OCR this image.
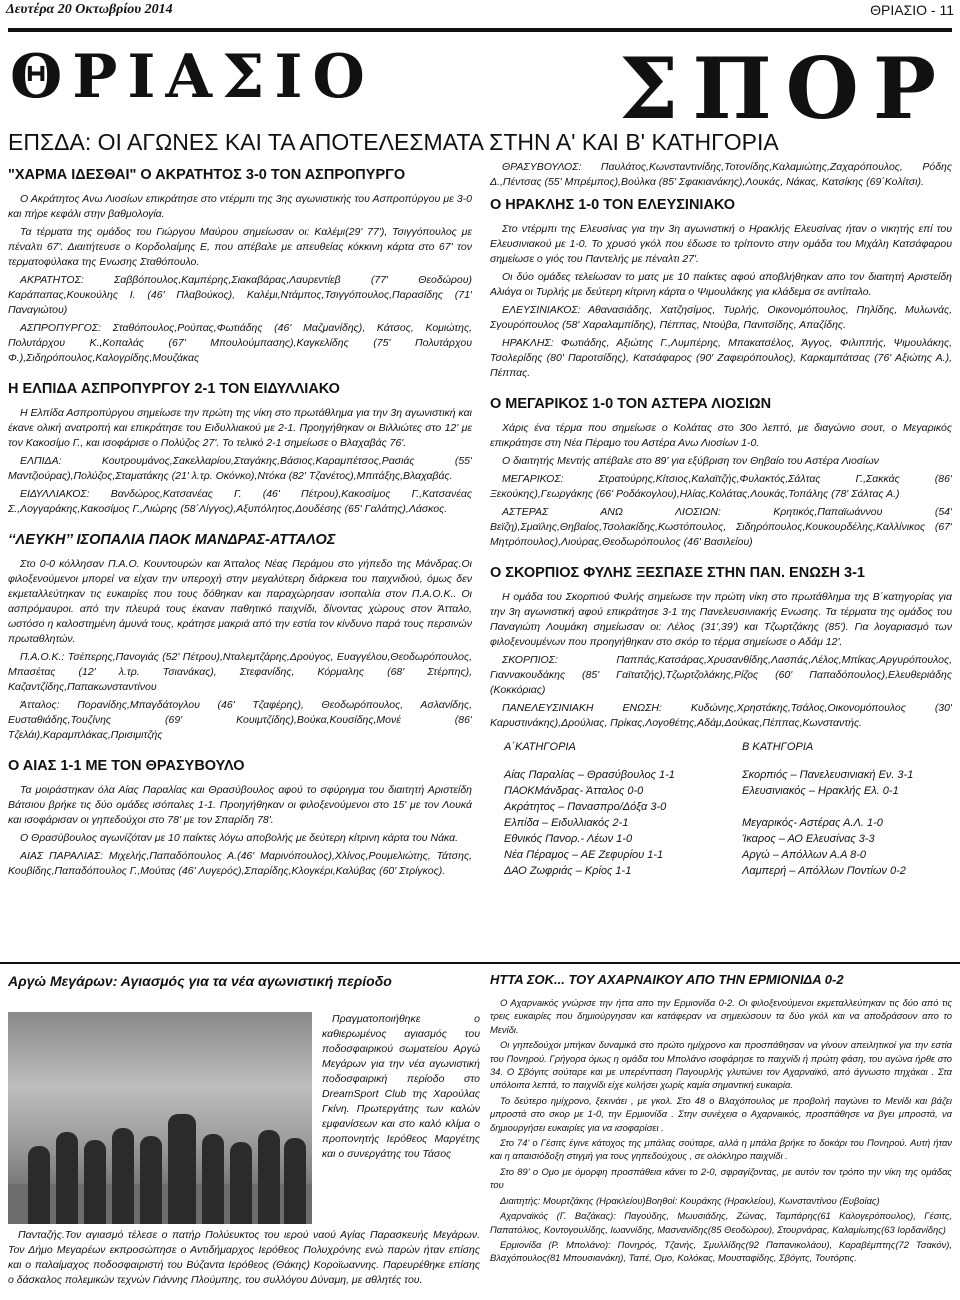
Δευτέρα 20 Οκτωβρίου 2014	ΘΡΙΑΣΙΟ - 11
ΘΡΙΑΣΙΟ	ΣΠΟΡ
ΕΠΣΔΑ: ΟΙ ΑΓΩΝΕΣ ΚΑΙ ΤΑ ΑΠΟΤΕΛΕΣΜΑΤΑ ΣΤΗΝ Α' ΚΑΙ Β' ΚΑΤΗΓΟΡΙΑ
"ΧΑΡΜΑ ΙΔΕΣΘΑΙ" Ο ΑΚΡΑΤΗΤΟΣ 3-0 ΤΟΝ ΑΣΠΡΟΠΥΡΓΟ

Ο Ακράτητος Ανω Λιοσίων επικράτησε στο ντέρμπι της 3ης αγωνιστικής του Ασπροπύργου με 3-0 και πήρε κεφάλι στην βαθμολογία.

Τα τέρματα της ομάδος του Γιώργου Μαύρου σημείωσαν οι: Καλέμι(29' 77'), Τσιγγόπουλος με πέναλτι 67'. Διαιτήτευσε ο Κορδολαίμης Ε, που απέβαλε με απευθείας κόκκινη κάρτα στο 67' τον τερματοφύλακα της Ενωσης Σταθόπουλο.

ΑΚΡΑΤΗΤΟΣ: Σαββόπουλος,Καμπέρης,Σιακαβάρας,Λαυρεντίεβ (77' Θεοδώρου) Καράπαπας,Κουκούλης Ι. (46' Πλαβούκος), Καλέμι,Ντάμπος,Τσιγγόπουλος,Παρασίδης (71' Παναγιώτου)

ΑΣΠΡΟΠΥΡΓΟΣ: Σταθόπουλος,Ρούπας,Φωτιάδης (46' Μαζμανίδης), Κάτσος, Κομιώτης, Πολυτάρχου Κ.,Κοπαλάς (67' Μπουλούμπασης),Καγκελίδης (75' Πολυτάρχου Φ.),Σιδηρόπουλος,Καλογρίδης,Μουζάκας

Η ΕΛΠΙΔΑ ΑΣΠΡΟΠΥΡΓΟΥ 2-1 ΤΟΝ ΕΙΔΥΛΛΙΑΚΟ

Η Ελπίδα Ασπροπύργου σημείωσε την πρώτη της νίκη στο πρωτάθλημα για την 3η αγωνιστική και έκανε ολική ανατροπή και επικράτησε του Ειδυλλιακού με 2-1. Προηγήθηκαν οι Βιλλιώτες στο 12' με τον Κακοσίμο Γ., και ισοφάρισε ο Πολύζος 27'. Το τελικό 2-1 σημείωσε ο Βλαχαβάς 76'.

ΕΛΠΙΔΑ: Κουτρουμάνος,Σακελλαρίου,Σταγάκης,Βάσιος,Καραμπέτσος,Ρασιάς (55' Μαντζιούρας),Πολύζος,Σταματάκης (21' λ.τρ. Οκόνκο),Ντόκα (82' Τζανέτος),Μπιτάξης,Βλαχαβάς.

ΕΙΔΥΛΛΙΑΚΟΣ: Βανδώρος,Κατσανέας Γ. (46' Πέτρου),Κακοσίμος Γ.,Κατσανέας Σ.,Λογγαράκης,Κακοσίμος Γ.,Λιώρης (58΄Λίγγος),Αξυπόλητος,Δουδέσης (65' Γαλάτης),Λάσκος.

‘‘ΛΕΥΚΗ’’ ΙΣΟΠΑΛΙΑ ΠΑΟΚ ΜΑΝΔΡΑΣ-ΑΤΤΑΛΟΣ

Στο 0-0 κόλλησαν Π.Α.Ο. Κουντουρών και Άτταλος Νέας Περάμου στο γήπεδο της Μάνδρας.Οι φιλοξενούμενοι μπορεί να είχαν την υπεροχή στην μεγαλύτερη διάρκεια του παιχνιδιού, όμως δεν εκμεταλλεύτηκαν τις ευκαιρίες που τους δόθηκαν και παραχώρησαν ισοπαλία στον Π.Α.Ο.Κ.. Οι ασπρόμαυροι. από την πλευρά τους έκαναν παθητικό παιχνίδι, δίνοντας χώρους στον Άτταλο, ωστόσο η καλοστημένη άμυνά τους, κράτησε μακριά από την εστία τον κίνδυνο παρά τους περσινών πρωταθλητών.

Π.Α.Ο.Κ.: Τσέπερης,Πανογιάς (52' Πέτρου),Νταλεμτζάρης,Δρούγος, Ευαγγέλου,Θεοδωρόπουλος, Μπασέτας (12' λ.τρ. Τσιανάκας), Στεφανίδης, Κόρμαλης (68' Στέρπης), Καζαντζίδης,Παπακωνσταντίνου

Άτταλος: Πορανίδης,Μπαγδάτογλου (46' Τζαφέρης), Θεοδωρόπουλος, Ασλανίδης, Ευσταθιάδης,Τουζίνης (69' Κουιμτζίδης),Βούκα,Κουσίδης,Μονέ (86' Τζελάι),Καραμπλάκας,Πρισιμιτζής

Ο ΑΙΑΣ 1-1 ΜΕ ΤΟΝ ΘΡΑΣΥΒΟΥΛΟ

Τα μοιράστηκαν όλα Αίας Παραλίας και Θρασύβουλος αφού το σφύριγμα του διαιτητή Αριστείδη Βάτσιου βρήκε τις δύο ομάδες ισόπαλες 1-1. Προηγήθηκαν οι φιλοξενούμενοι στο 15' με τον Λουκά και ισοφάρισαν οι γηπεδούχοι στο 78' με τον Σπαρίδη 78'.

Ο Θρασύβουλος αγωνίζόταν με 10 παίκτες λόγω αποβολής με δεύτερη κίτρινη κάρτα του Νάκα.

ΑΙΑΣ ΠΑΡΑΛΙΑΣ: Μιχελής,Παπαδόπουλος Α.(46' Μαρινόπουλος),Χλίνος,Ρουμελιώτης, Τάτσης, Κουβίδης,Παπαδόπουλος Γ.,Μούτας (46' Λυγερός),Σπαρίδης,Κλογκέρι,Καλύβας (60' Στρίγκος).

ΘΡΑΣΥΒΟΥΛΟΣ: Παυλάτος,Κωνσταντινίδης,Τοτονίδης,Καλαμιώτης,Ζαχαρόπουλος, Ρόδης Δ.,Πέντσας (55' Μπρέμπος),Βούλκα (85' Σφακιανάκης),Λουκάς, Νάκας, Κατσίκης (69΄Κολίτσι).

Ο ΗΡΑΚΛΗΣ 1-0 ΤΟΝ ΕΛΕΥΣΙΝΙΑΚΟ

Στο ντέρμπι της Ελευσίνας για την 3η αγωνιστική ο Ηρακλής Ελευσίνας ήταν ο νικητής επί του Ελευσινιακού με 1-0. Το χρυσό γκόλ που έδωσε το τρίποντο στην ομάδα του Μιχάλη Κατσάφαρου σημείωσε ο γιός του Παντελής με πέναλτι 27'.

Οι δύο ομάδες τελείωσαν το ματς με 10 παίκτες αφού αποβλήθηκαν απο τον διαιτητή Αριστείδη Αλιάγα οι Τυρλής με δεύτερη κίτρινη κάρτα ο Ψιμουλάκης για κλάδεμα σε αντίπαλο.

ΕΛΕΥΣΙΝΙΑΚΟΣ: Αθανασιάδης, Χατζησίμος, Τυρλής, Οικονομόπουλος, Πηλίδης, Μυλωνάς, Σγουρόπουλος (58' Χαραλαμπίδης), Πέππας, Ντούβα, Πανιτσίδης, Απαζίδης.

ΗΡΑΚΛΗΣ: Φωτιάδης, Αξιώτης Γ.,Λυμπέρης, Μπακατσέλος, Άγγος, Φιλιππής, Ψιμουλάκης, Τσολερίδης (80' Παροτσίδης), Κατσάφαρος (90' Ζαφειρόπουλος), Καρκαμπάτσας (76' Αξιώτης Α.), Πέππας.

Ο ΜΕΓΑΡΙΚΟΣ 1-0 ΤΟΝ ΑΣΤΕΡΑ ΛΙΟΣΙΩΝ

Χάρις ένα τέρμα που σημείωσε ο Κολάτας στο 30ο λεπτό, με διαγώνιο σουτ, ο Μεγαρικός επικράτησε στη Νέα Πέραμο του Αστέρα Ανω Λιοσίων 1-0.

Ο διαιτητής Μεντής απέβαλε στο 89' για εξύβριση τον Θηβαίο του Αστέρα Λιοσίων

ΜΕΓΑΡΙΚΟΣ: Στρατούρης,Κίτσιος,Καλαϊτζής,Φυλακτός,Σάλτας Γ.,Σακκάς (86' Ξεκούκης),Γεωργάκης (66' Ροδάκογλου),Ηλίας,Κολάτας,Λουκάς,Τοπάλης (78' Σάλτας Α.)

ΑΣΤΕΡΑΣ ΑΝΩ ΛΙΟΣΙΩΝ: Κρητικός,Παπαϊωάννου (54' Βεϊζη),Σμαϊλης,Θηβαίος,Τσολακίδης,Κωστόπουλος, Σιδηρόπουλος,Κουκουρδέλης,Καλλίνικος (67' Μητρόπουλος),Λιούρας,Θεοδωρόπουλος (46' Βασιλείου)

Ο ΣΚΟΡΠΙΟΣ ΦΥΛΗΣ ΞΕΣΠΑΣΕ ΣΤΗΝ ΠΑΝ. ΕΝΩΣΗ 3-1

Η ομάδα του Σκορπιού Φυλής σημείωσε την πρώτη νίκη στο πρωτάθλημα της Β΄κατηγορίας για την 3η αγωνιστική αφού επικράτησε 3-1 της Πανελευσινιακής Ενωσης. Τα τέρματα της ομάδος του Παναγιώτη Λουμάκη σημείωσαν οι: Λέλος (31',39') και Τζωρτζάκης (85'). Για λογαριασμό των φιλοξενουμένων που προηγήθηκαν στο σκόρ το τέρμα σημείωσε ο Αδάμ 12'.

ΣΚΟΡΠΙΟΣ: Παππάς,Κατσάρας,Χρυσανθίδης,Λασπάς,Λέλος,Μπίκας,Αργυρόπουλος, Γιαννακουδάκης (85' Γαϊτατζής),Τζωρτζολάκης,Ρίζος (60' Παπαδόπουλος),Ελευθεριάδης (Κοκκόριας)

ΠΑΝΕΛΕΥΣΙΝΙΑΚΗ ΕΝΩΣΗ: Κυδώνης,Χρηστάκης,Τσάλος,Οικονομόπουλος (30' Καρυστινάκης),Δρούλιας, Πρίκας,Λογοθέτης,Αδάμ,Δούκας,Πέππας,Κωνσταντής.

Α΄ΚΑΤΗΓΟΡΙΑ
Αίας Παραλίας – Θρασύβουλος 1-1
ΠΑΟΚΜάνδρας- Άτταλος 0-0
Ακράτητος – Πανασπρο/Δόξα 3-0
Ελπίδα – Ειδυλλιακός 2-1
Εθνικός Πανορ.- Λέων 1-0
Νέα Πέραμος – ΑΕ Ζεφυρίου 1-1
ΔΑΟ Ζωφριάς – Κρίος 1-1
Β ΚΑΤΗΓΟΡΙΑ
Σκορπιός – Πανελευσινιακή Εν. 3-1
Ελευσινιακός – Ηρακλής Ελ. 0-1

Μεγαρικός- Αστέρας Α.Λ. 1-0
Ίκαρος – ΑΟ Ελευσίνας 3-3
Αργώ – Απόλλων Α.Α 8-0
Λαμπερή – Απόλλων Ποντίων 0-2
Αργώ Μεγάρων: Αγιασμός για τα νέα αγωνιστική περίοδο

Πραγματοποιήθηκε ο καθιερωμένος αγιασμός του ποδοσφαιρικού σωματείου Αργώ Μεγάρων για την νέα αγωνιστική ποδοσφαιρική περίοδο στο DreamSport Club της Χαρούλας Γκίνη. Πρωτεργάτης των καλών εμφανίσεων και στο καλό κλίμα ο προπονητής Ιερόθεος Μαργέτης και ο συνεργάτης του Τάσος

Πανταζής.Τον αγιασμό τέλεσε ο πατήρ Πολύευκτος του ιερού ναού Αγίας Παρασκευής Μεγάρων. Τον Δήμο Μεγαρέων εκπροσώπησε ο Αντιδήμαρχος Ιερόθεος Πολυχρόνης ενώ παρών ήταν επίσης και ο παλαίμαχος ποδοσφαιριστή του Βύζαντα Ιερόθεος (Θάκης) Κοροϊωαννης. Παρευρέθηκε επίσης ο δάσκαλος πολεμικών τεχνών Γιάννης Πλούμπης, του συλλόγου Δύναμη, με αθλητές του.

ΗΤΤΑ ΣΟΚ... ΤΟΥ ΑΧΑΡΝΑΙΚΟΥ ΑΠΟ ΤΗΝ ΕΡΜΙΟΝΙΔΑ 0-2

Ο Αχαρνaικός γνώρισε την ήττα απο την Ερμιονίδα 0-2. Οι φιλοξενούμενοι εκμεταλλεύτηκαν τις δύο από τις τρεις ευκαιρίες που δημιούργησαν και κατάφεραν να σημειώσουν τα δύο γκόλ και να αποδράσουν απο το Μενίδι.

Οι γηπεδούχοι μπήκαν δυναμικά στο πρώτο ημίχρονο και προσπάθησαν να γίνουν απειλητικοί για την εστία του Πονηρού. Γρήγορα όμως η ομάδα του Μπολάνο ισοφάρησε το παιχνίδι ή πρώτη φάση, του αγώνα ήρθε στο 34. Ο Σβόγιτς σούταρε και με υπερέντταση Παγουρλής γλυτώνει τον Αχαρναϊκό, από άγνωστο πηχάκαι . Στα υπόλοιπα λεπτά, το παιχνίδι είχε κυλήσει χωρίς καμία σημαντική ευκαιρία.

Το δεύτερο ημίχρονο, ξεκινάει , με γκολ. Στο 48 ο Βλαχόπουλος με προβολή παγώνει το Μενίδι και βάζει μπροστά στο σκορ με 1-0, την Ερμιονίδα . Στην συνέχεια ο Αχαρνaικός, προσπάθησε να βγει μπροστά, να δημιουργήσει ευκαιρίες για να ισοφαρίσει .

Στο 74' ο Γέσιτς έγινε κάτοχος της μπάλας σούταρε, αλλά η μπάλα βρήκε το δοκάρι του Πονηρού. Αυτή ήταν και η απαισιόδοξη στιγμή για τους γηπεδούχους , σε ολόκληρο παιχνίδι .

Στο 89' ο Ομο με όμορφη προσπάθεια κάνει το 2-0, σφραγίζοντας, με αυτόν τον τρόπο την νίκη της ομάδας του

Διαιτητής: Μουρτζάκης (Ηρακλείου)Βοηθοί: Κουράκης (Ηρακλείου), Κωνσταντίνου (Ευβοίας)

Αχαρναϊκός (Γ. Βαζάκας): Παγούδης, Μωυσιάδης, Ζώνας, Ταμπάρης(61 Καλογερόπουλος), Γέσιτς, Παπατόλιος, Κοντογουλίδης, Ιωαννίδης, Μασνανίδης(85 Θεοδώρου), Στουρνάρας, Καλαμίωτης(63 Ιορδανίδης)

Ερμιονίδα (Ρ. Μπολάνο): Πονηρός, Τζανής, Σμυλλίδης(92 Παπανικολάου), Καραβέμπτης(72 Τσακόν), Βλαχόπουλος(81 Μπουσιανάκη), Ταπέ, Ομο, Κολόκας, Μουσταφίδης, Σβόγιτς, Τουτόρτις.
